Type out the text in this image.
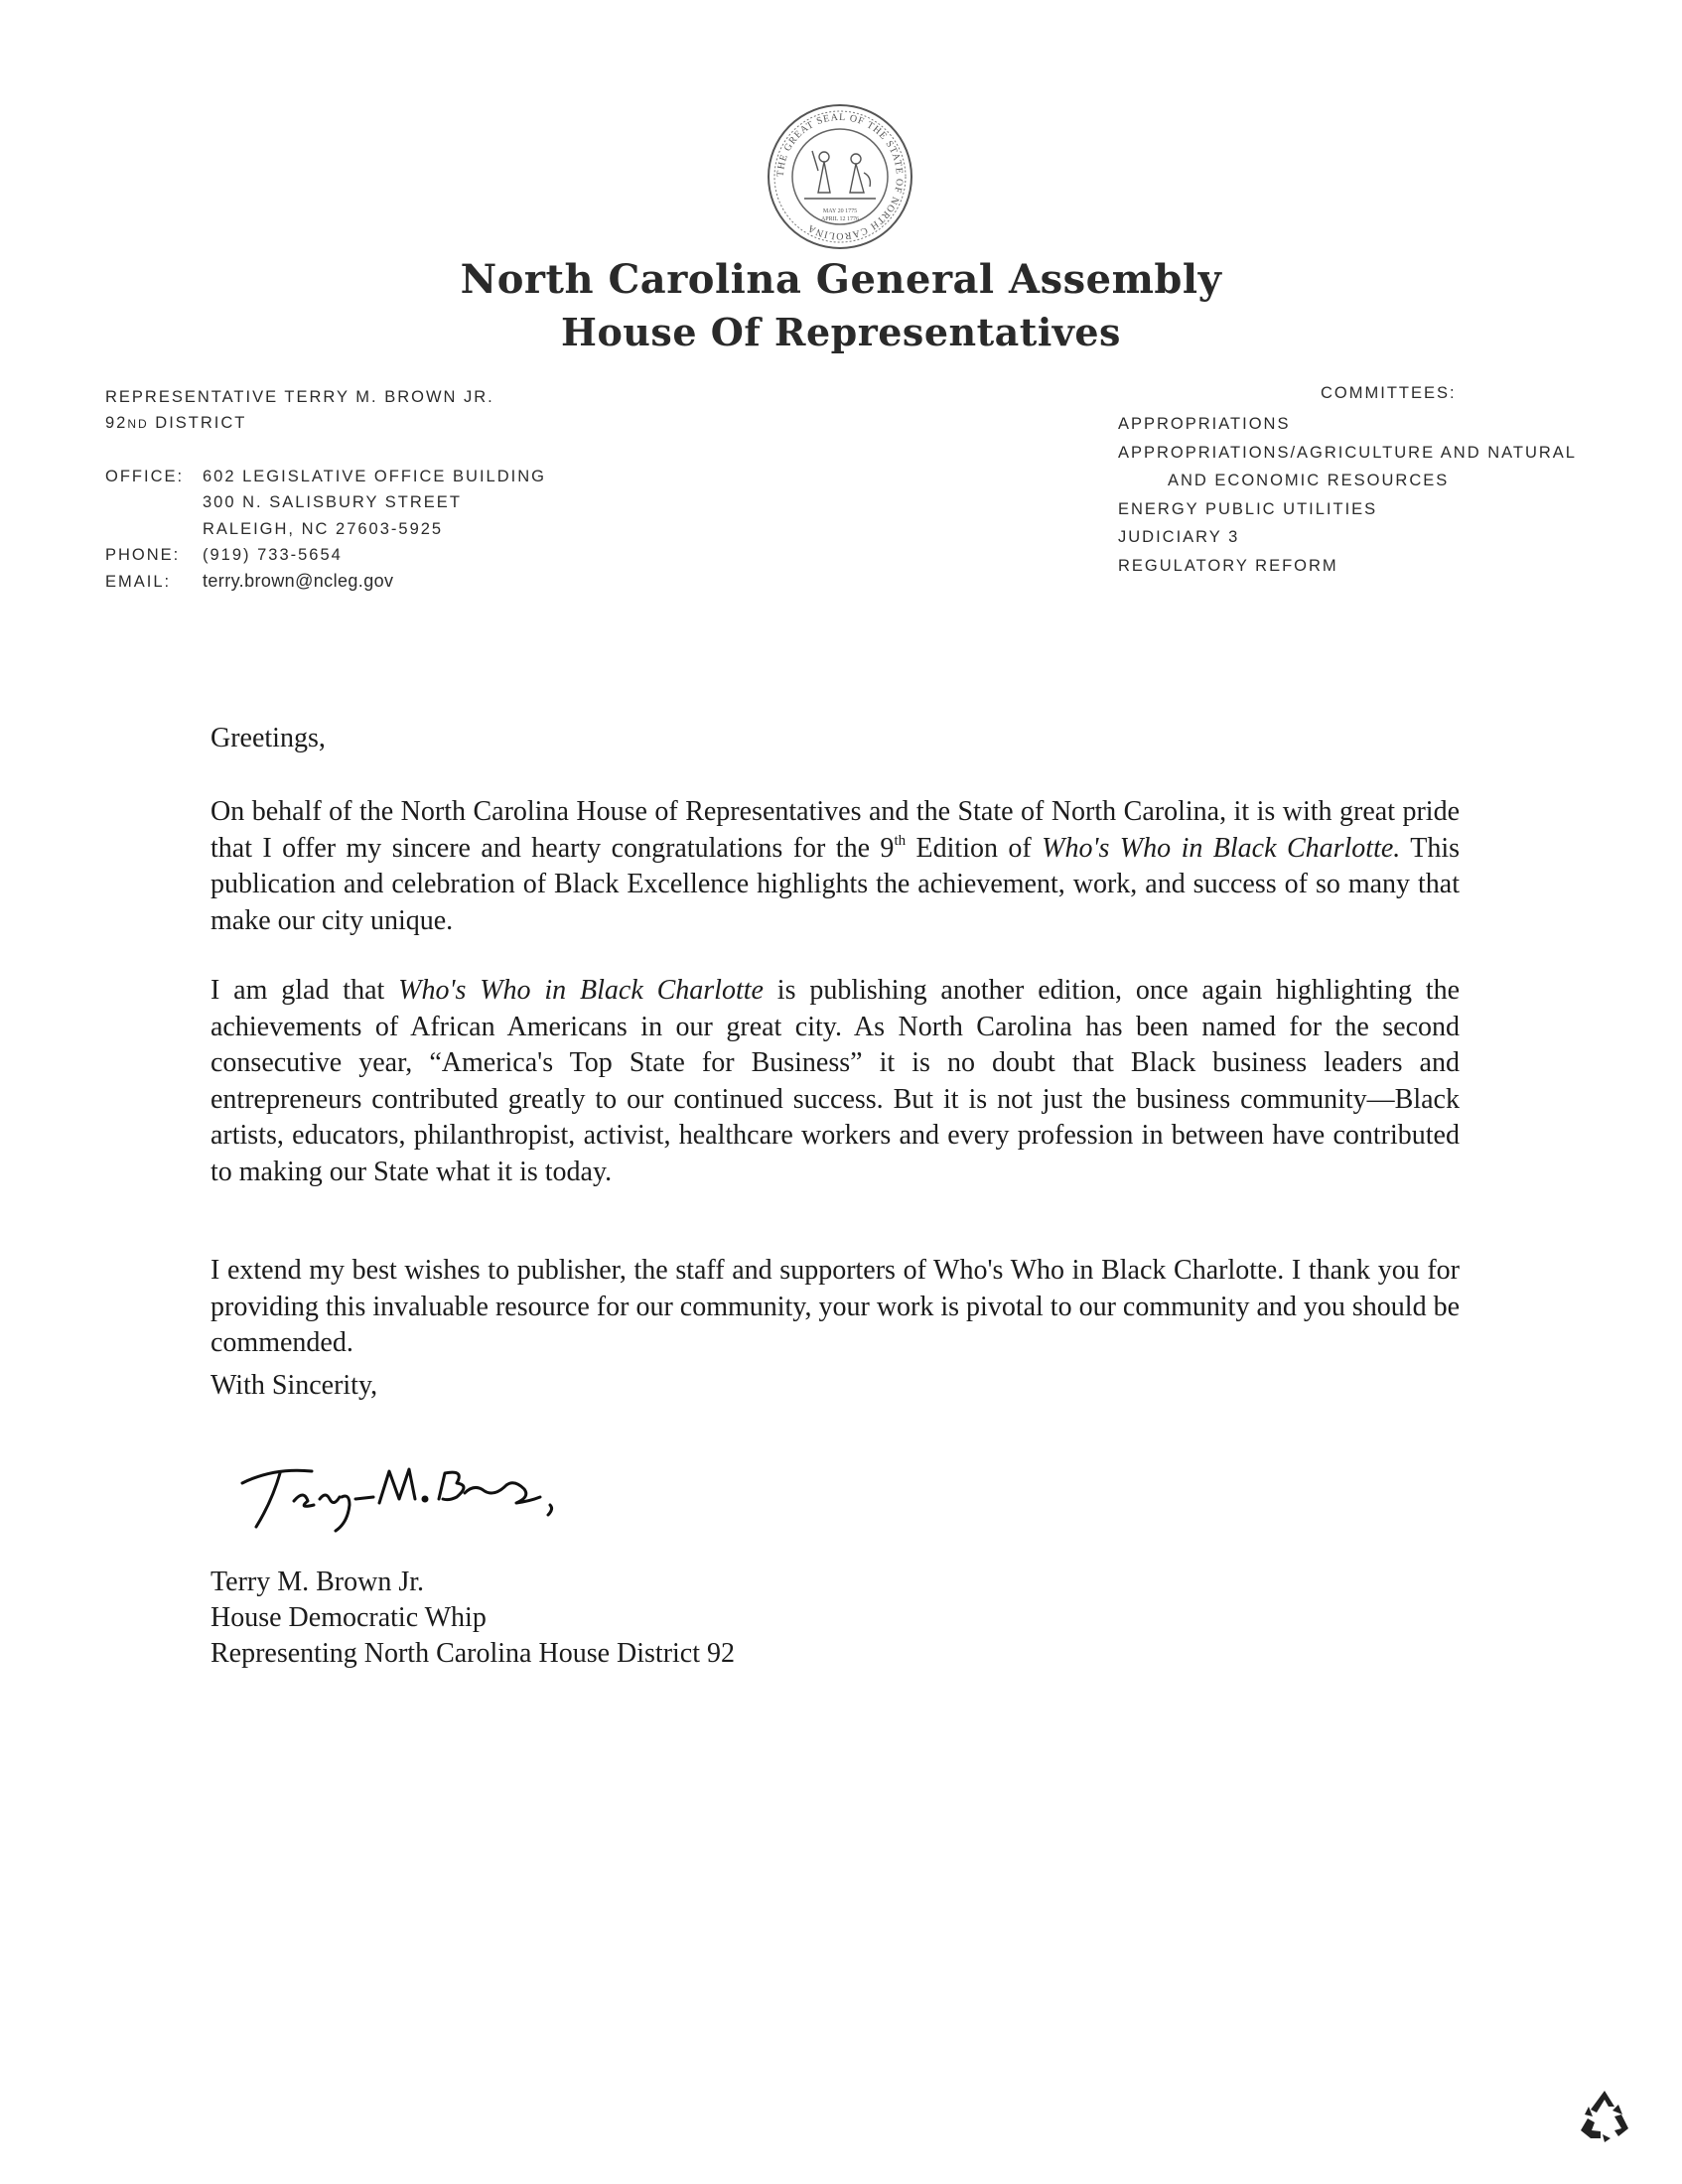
THE GREAT SEAL OF THE STATE OF NORTH CAROLINA
MAY 20 1775
APRIL 12 1776
North Carolina General Assembly
House Of Representatives
REPRESENTATIVE TERRY M. BROWN JR.
92ND DISTRICT
OFFICE: 602 LEGISLATIVE OFFICE BUILDING
300 N. SALISBURY STREET
RALEIGH, NC 27603-5925
PHONE: (919) 733-5654
EMAIL: terry.brown@ncleg.gov
COMMITTEES:
APPROPRIATIONS
APPROPRIATIONS/AGRICULTURE AND NATURAL
AND ECONOMIC RESOURCES
ENERGY PUBLIC UTILITIES
JUDICIARY 3
REGULATORY REFORM
Greetings,
On behalf of the North Carolina House of Representatives and the State of North Carolina, it is with great pride that I offer my sincere and hearty congratulations for the 9th Edition of Who's Who in Black Charlotte. This publication and celebration of Black Excellence highlights the achievement, work, and success of so many that make our city unique.
I am glad that Who's Who in Black Charlotte is publishing another edition, once again highlighting the achievements of African Americans in our great city. As North Carolina has been named for the second consecutive year, “America's Top State for Business” it is no doubt that Black business leaders and entrepreneurs contributed greatly to our continued success. But it is not just the business community—Black artists, educators, philanthropist, activist, healthcare workers and every profession in between have contributed to making our State what it is today.
I extend my best wishes to publisher, the staff and supporters of Who's Who in Black Charlotte. I thank you for providing this invaluable resource for our community, your work is pivotal to our community and you should be commended.
With Sincerity,
Terry M. Brown Jr.
House Democratic Whip
Representing North Carolina House District 92
